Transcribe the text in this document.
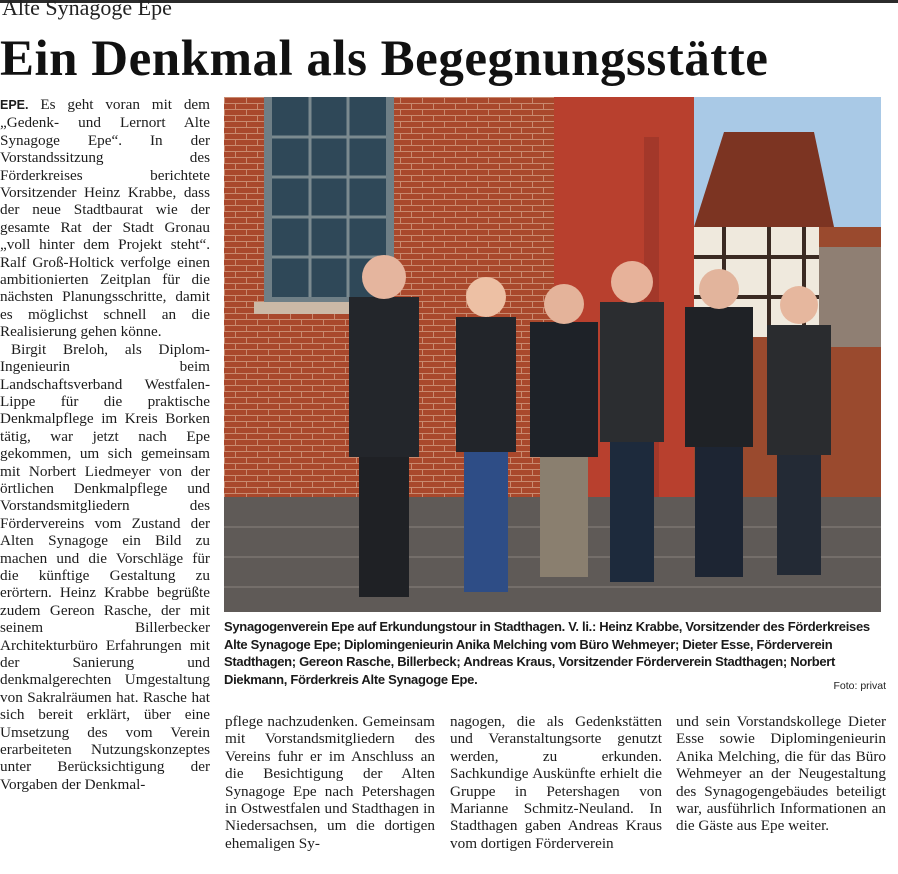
Alte Synagoge Epe
Ein Denkmal als Begegnungsstätte

EPE. Es geht voran mit dem „Gedenk- und Lernort Alte Synagoge Epe“. In der Vorstandssitzung des Förderkreises berichtete Vorsitzender Heinz Krabbe, dass der neue Stadtbaurat wie der gesamte Rat der Stadt Gronau „voll hinter dem Projekt steht“. Ralf Groß-Holtick verfolge einen ambitionierten Zeitplan für die nächsten Planungsschritte, damit es möglichst schnell an die Realisierung gehen könne.

Birgit Breloh, als Diplom-Ingenieurin beim Landschaftsverband Westfalen-Lippe für die praktische Denkmalpflege im Kreis Borken tätig, war jetzt nach Epe gekommen, um sich gemeinsam mit Norbert Liedmeyer von der örtlichen Denkmalpflege und Vorstandsmitgliedern des Fördervereins vom Zustand der Alten Synagoge ein Bild zu machen und die Vorschläge für die künftige Gestaltung zu erörtern. Heinz Krabbe begrüßte zudem Gereon Rasche, der mit seinem Billerbecker Architekturbüro Erfahrungen mit der Sanierung und denkmalgerechten Umgestaltung von Sakralräumen hat. Rasche hat sich bereit erklärt, über eine Umsetzung des vom Verein erarbeiteten Nutzungskonzeptes unter Berücksichtigung der Vorgaben der Denkmal-

Synagogenverein Epe auf Erkundungstour in Stadthagen. V. li.: Heinz Krabbe, Vorsitzender des Förderkreises Alte Synagoge Epe; Diplomingenieurin Anika Melching vom Büro Wehmeyer; Dieter Esse, Förderverein Stadthagen; Gereon Rasche, Billerbeck; Andreas Kraus, Vorsitzender Förderverein Stadthagen; Norbert Diekmann, Förderkreis Alte Synagoge Epe.	Foto: privat

pflege nachzudenken. Gemeinsam mit Vorstandsmitgliedern des Vereins fuhr er im Anschluss an die Besichtigung der Alten Synagoge Epe nach Petershagen in Ostwestfalen und Stadthagen in Niedersachsen, um die dortigen ehemaligen Sy-

nagogen, die als Gedenkstätten und Veranstaltungsorte genutzt werden, zu erkunden. Sachkundige Auskünfte erhielt die Gruppe in Petershagen von Marianne Schmitz-Neuland. In Stadthagen gaben Andreas Kraus vom dortigen Förderverein

und sein Vorstandskollege Dieter Esse sowie Diplomingenieurin Anika Melching, die für das Büro Wehmeyer an der Neugestaltung des Synagogengebäudes beteiligt war, ausführlich Informationen an die Gäste aus Epe weiter.
